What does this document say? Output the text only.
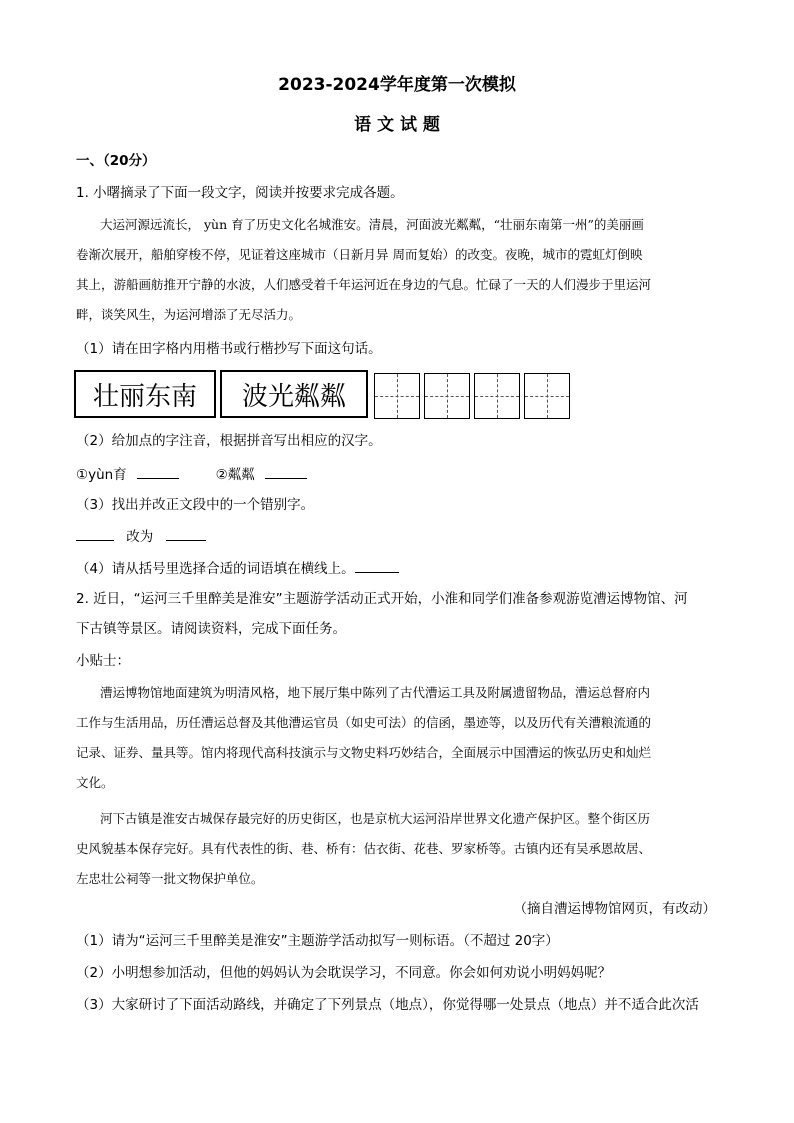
2023-2024学年度第一次模拟
语 文 试 题
一、（20分）
1. 小曙摘录了下面一段文字，阅读并按要求完成各题。
大运河源远流长， yùn 育了历史文化名城淮安。清晨，河面波光粼粼，“壮丽东南第一州”的美丽画
卷渐次展开，船舶穿梭不停，见证着这座城市（日新月异 周而复始）的改变。夜晚，城市的霓虹灯倒映
其上，游船画舫推开宁静的水波，人们感受着千年运河近在身边的气息。忙碌了一天的人们漫步于里运河
畔，谈笑风生，为运河增添了无尽活力。
（1）请在田字格内用楷书或行楷抄写下面这句话。
壮丽东南	波光粼粼
（2）给加点的字注音，根据拼音写出相应的汉字。
①yùn育	②粼粼
（3）找出并改正文段中的一个错别字。
改为
（4）请从括号里选择合适的词语填在横线上。
2. 近日，“运河三千里醉美是淮安”主题游学活动正式开始，小淮和同学们准备参观游览漕运博物馆、河
下古镇等景区。请阅读资料，完成下面任务。
小贴士：
漕运博物馆地面建筑为明清风格，地下展厅集中陈列了古代漕运工具及附属遗留物品，漕运总督府内
工作与生活用品，历任漕运总督及其他漕运官员（如史可法）的信函，墨迹等，以及历代有关漕粮流通的
记录、证券、量具等。馆内将现代高科技演示与文物史料巧妙结合，全面展示中国漕运的恢弘历史和灿烂
文化。
河下古镇是淮安古城保存最完好的历史街区，也是京杭大运河沿岸世界文化遗产保护区。整个街区历
史风貌基本保存完好。具有代表性的街、巷、桥有：估衣街、花巷、罗家桥等。古镇内还有吴承恩故居、
左忠壮公祠等一批文物保护单位。
（摘自漕运博物馆网页，有改动）
（1）请为“运河三千里醉美是淮安”主题游学活动拟写一则标语。（不超过 20字）
（2）小明想参加活动，但他的妈妈认为会耽误学习，不同意。你会如何劝说小明妈妈呢？
（3）大家研讨了下面活动路线，并确定了下列景点（地点），你觉得哪一处景点（地点）并不适合此次活
